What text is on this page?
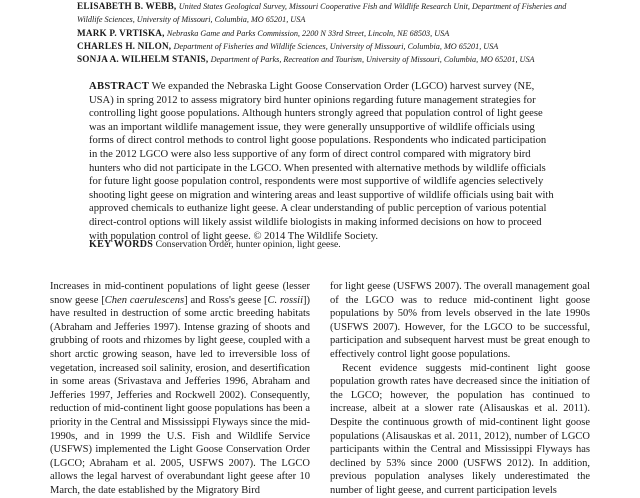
ELISABETH B. WEBB, United States Geological Survey, Missouri Cooperative Fish and Wildlife Research Unit, Department of Fisheries and
Wildlife Sciences, University of Missouri, Columbia, MO 65201, USA
MARK P. VRTISKA, Nebraska Game and Parks Commission, 2200 N 33rd Street, Lincoln, NE 68503, USA
CHARLES H. NILON, Department of Fisheries and Wildlife Sciences, University of Missouri, Columbia, MO 65201, USA
SONJA A. WILHELM STANIS, Department of Parks, Recreation and Tourism, University of Missouri, Columbia, MO 65201, USA
ABSTRACT We expanded the Nebraska Light Goose Conservation Order (LGCO) harvest survey (NE, USA) in spring 2012 to assess migratory bird hunter opinions regarding future management strategies for controlling light goose populations. Although hunters strongly agreed that population control of light geese was an important wildlife management issue, they were generally unsupportive of wildlife officials using forms of direct control methods to control light goose populations. Respondents who indicated participation in the 2012 LGCO were also less supportive of any form of direct control compared with migratory bird hunters who did not participate in the LGCO. When presented with alternative methods by wildlife officials for future light goose population control, respondents were most supportive of wildlife agencies selectively shooting light geese on migration and wintering areas and least supportive of wildlife officials using bait with approved chemicals to euthanize light geese. A clear understanding of public perception of various potential direct-control options will likely assist wildlife biologists in making informed decisions on how to proceed with population control of light geese. © 2014 The Wildlife Society.
KEY WORDS Conservation Order, hunter opinion, light geese.

Increases in mid-continent populations of light geese (lesser snow geese [Chen caerulescens] and Ross's geese [C. rossii]) have resulted in destruction of some arctic breeding habitats (Abraham and Jefferies 1997). Intense grazing of shoots and grubbing of roots and rhizomes by light geese, coupled with a short arctic growing season, have led to irreversible loss of vegetation, increased soil salinity, erosion, and desertification in some areas (Srivastava and Jefferies 1996, Abraham and Jefferies 1997, Jefferies and Rockwell 2002). Consequently, reduction of mid-continent light goose populations has been a priority in the Central and Mississippi Flyways since the mid-1990s, and in 1999 the U.S. Fish and Wildlife Service (USFWS) implemented the Light Goose Conservation Order (LGCO; Abraham et al. 2005, USFWS 2007). The LGCO allows the legal harvest of overabundant light geese after 10 March, the date established by the Migratory Bird

for light geese (USFWS 2007). The overall management goal of the LGCO was to reduce mid-continent light goose populations by 50% from levels observed in the late 1990s (USFWS 2007). However, for the LGCO to be successful, participation and subsequent harvest must be great enough to effectively control light goose populations.

Recent evidence suggests mid-continent light goose population growth rates have decreased since the initiation of the LGCO; however, the population has continued to increase, albeit at a slower rate (Alisauskas et al. 2011). Despite the continuous growth of mid-continent light goose populations (Alisauskas et al. 2011, 2012), number of LGCO participants within the Central and Mississippi Flyways has declined by 53% since 2000 (USFWS 2012). In addition, previous population analyses likely underestimated the number of light geese, and current participation levels
